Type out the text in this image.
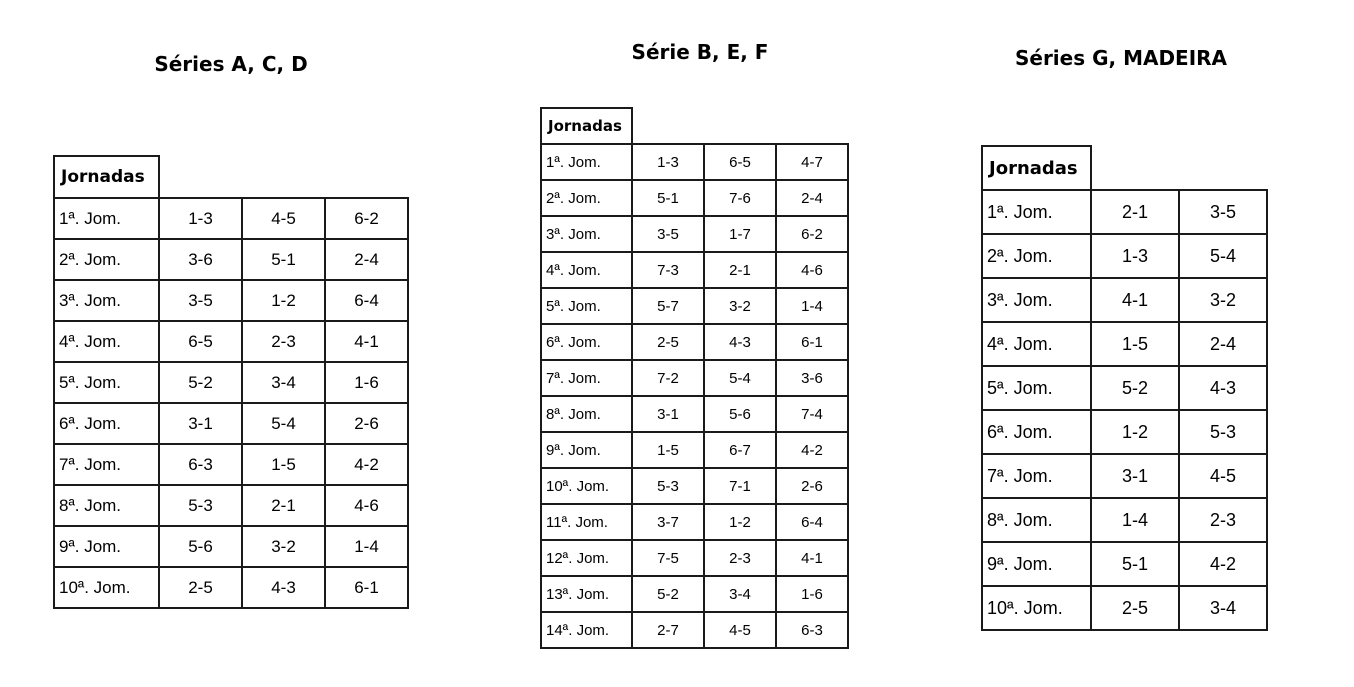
Séries A, C, D	Série B, E, F	Séries G, MADEIRA
Jornadas			
1ª. Jom.	1-3	4-5	6-2
2ª. Jom.	3-6	5-1	2-4
3ª. Jom.	3-5	1-2	6-4
4ª. Jom.	6-5	2-3	4-1
5ª. Jom.	5-2	3-4	1-6
6ª. Jom.	3-1	5-4	2-6
7ª. Jom.	6-3	1-5	4-2
8ª. Jom.	5-3	2-1	4-6
9ª. Jom.	5-6	3-2	1-4
10ª. Jom.	2-5	4-3	6-1
Jornadas			
1ª. Jom.	1-3	6-5	4-7
2ª. Jom.	5-1	7-6	2-4
3ª. Jom.	3-5	1-7	6-2
4ª. Jom.	7-3	2-1	4-6
5ª. Jom.	5-7	3-2	1-4
6ª. Jom.	2-5	4-3	6-1
7ª. Jom.	7-2	5-4	3-6
8ª. Jom.	3-1	5-6	7-4
9ª. Jom.	1-5	6-7	4-2
10ª. Jom.	5-3	7-1	2-6
11ª. Jom.	3-7	1-2	6-4
12ª. Jom.	7-5	2-3	4-1
13ª. Jom.	5-2	3-4	1-6
14ª. Jom.	2-7	4-5	6-3
Jornadas		
1ª. Jom.	2-1	3-5
2ª. Jom.	1-3	5-4
3ª. Jom.	4-1	3-2
4ª. Jom.	1-5	2-4
5ª. Jom.	5-2	4-3
6ª. Jom.	1-2	5-3
7ª. Jom.	3-1	4-5
8ª. Jom.	1-4	2-3
9ª. Jom.	5-1	4-2
10ª. Jom.	2-5	3-4
